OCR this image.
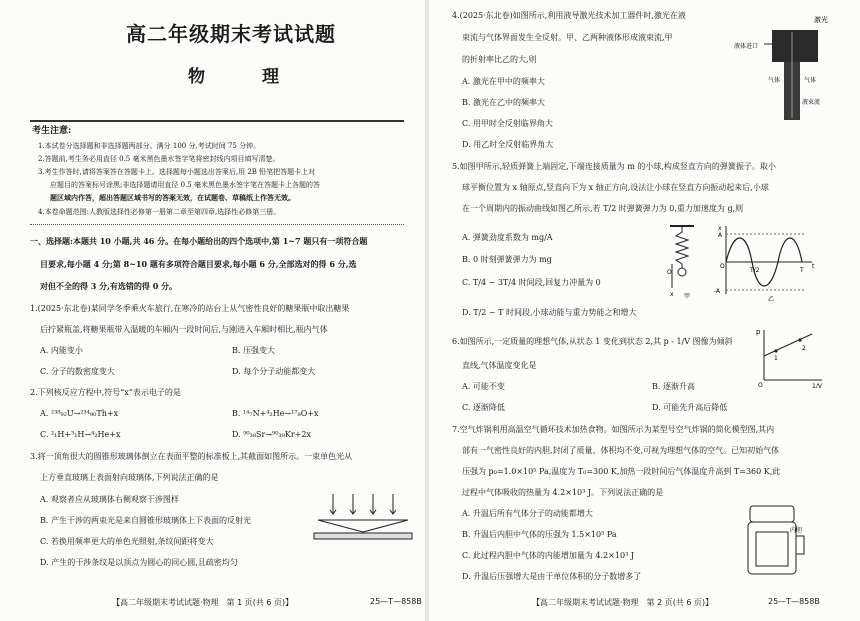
高二年级期末考试试题
物　理
考生注意:
1.本试卷分选择题和非选择题两部分。满分 100 分,考试时间 75 分钟。
2.答题前,考生务必用直径 0.5 毫米黑色墨水签字笔将密封线内项目填写清楚。
3.考生作答时,请将答案答在答题卡上。选择题每小题选出答案后,用 2B 铅笔把答题卡上对
应题目的答案标号涂黑;非选择题请用直径 0.5 毫米黑色墨水签字笔在答题卡上各题的答
题区域内作答，超出答题区域书写的答案无效，在试题卷、草稿纸上作答无效。
4.本卷命题范围:人教版选择性必修第一册第二章至第四章,选择性必修第三册。
一、选择题:本题共 10 小题,共 46 分。在每小题给出的四个选项中,第 1~7 题只有一项符合题
目要求,每小题 4 分;第 8~10 题有多项符合题目要求,每小题 6 分,全部选对的得 6 分,选
对但不全的得 3 分,有选错的得 0 分。
1.(2025·东北卷)某同学冬季乘火车旅行,在寒冷的站台上从气密性良好的糖果瓶中取出糖果
后拧紧瓶盖,将糖果瓶带入温暖的车厢内一段时间后,与刚进入车厢时相比,瓶内气体
A. 内能变小	B. 压强变大
C. 分子的数密度变大	D. 每个分子动能都变大
2.下列核反应方程中,符号“x”表示电子的是
A. ²³⁸₉₂U→²³⁴₉₀Th+x	B. ¹⁴₇N+⁴₂He→¹⁷₈O+x
C. ²₁H+³₁H→⁴₂He+x	D. ⁹⁰₃₈Sr→⁹⁰₃₉Kr+2x
3.将一顶角很大的圆锥形玻璃体倒立在表面平整的标准板上,其截面如图所示。一束单色光从
上方垂直玻璃上表面射向玻璃体,下列说法正确的是
A. 观察者应从玻璃体右侧观察干涉图样
B. 产生干涉的两束光是来自圆锥形玻璃体上下表面的反射光
C. 若换用频率更大的单色光照射,条纹间距将变大
D. 产生的干涉条纹是以顶点为圆心的同心圆,且疏密均匀
【高二年级期末考试试题·物理　第 1 页(共 6 页)】	25—T—858B
4.(2025·东北卷)如图所示,利用液导激光技术加工器件时,激光在液
束流与气体界面发生全反射。甲、乙两种液体形成液束流,甲
的折射率比乙的大,则
A. 激光在甲中的频率大
B. 激光在乙中的频率大
C. 用甲时全反射临界角大
D. 用乙时全反射临界角大
激光
液体进口
气体	气体
液束流
5.如图甲所示,轻质弹簧上端固定,下端连接质量为 m 的小球,构成竖直方向的弹簧振子。取小
球平衡位置为 x 轴原点,竖直向下为 x 轴正方向,设法让小球在竖直方向振动起来后,小球
在一个周期内的振动曲线如图乙所示,若 T/2 时弹簧弹力为 0,重力加速度为 g,则
A. 弹簧劲度系数为 mg/A
B. 0 时刻弹簧弹力为 mg
C. T/4 ~ 3T/4 时间段,回复力冲量为 0
D. T/2 ~ T 时间段,小球动能与重力势能之和增大
O
x 甲
x
A
-A
O
T/2	T
t
乙
6.如图所示,一定质量的理想气体,从状态 1 变化到状态 2,其 p - 1/V 图像为倾斜
直线,气体温度变化是
A. 可能不变	B. 逐渐升高
C. 逐渐降低	D. 可能先升高后降低
p
1/V
O
1
2
7.空气炸锅利用高温空气循环技术加热食物。如图所示为某型号空气炸锅的简化模型图,其内
部有一气密性良好的内胆,封闭了质量、体积均不变,可视为理想气体的空气。已知初始气体
压强为 p₀=1.0×10⁵ Pa,温度为 T₀=300 K,加热一段时间后气体温度升高到 T=360 K,此
过程中气体吸收的热量为 4.2×10³ J。下列说法正确的是
A. 升温后所有气体分子的动能都增大
B. 升温后内胆中气体的压强为 1.5×10⁵ Pa
C. 此过程内胆中气体的内能增加量为 4.2×10³ J
D. 升温后压强增大是由于单位体积的分子数增多了
内胆
【高二年级期末考试试题·物理　第 2 页(共 6 页)】	25—T—858B
